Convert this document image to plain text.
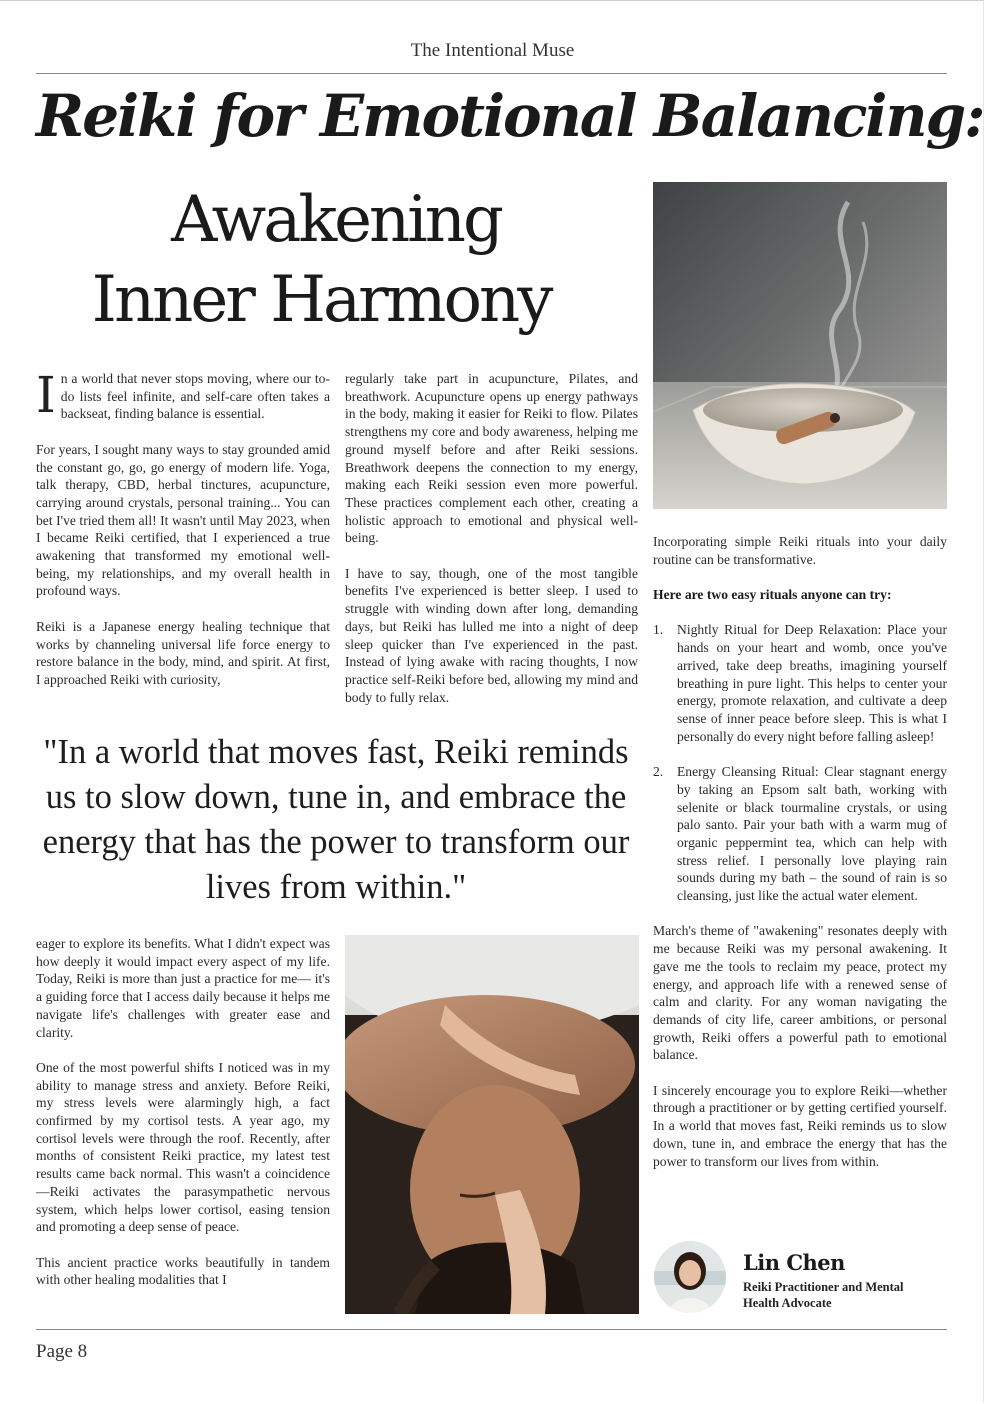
The Intentional Muse
Reiki for Emotional Balancing:
Awakening
Inner Harmony

In a world that never stops moving, where our to-do lists feel infinite, and self-care often takes a backseat, finding balance is essential.

For years, I sought many ways to stay grounded amid the constant go, go, go energy of modern life. Yoga, talk therapy, CBD, herbal tinctures, acupuncture, carrying around crystals, personal training... You can bet I've tried them all! It wasn't until May 2023, when I became Reiki certified, that I experienced a true awakening that transformed my emotional well-being, my relationships, and my overall health in profound ways.

Reiki is a Japanese energy healing technique that works by channeling universal life force energy to restore balance in the body, mind, and spirit. At first, I approached Reiki with curiosity,

regularly take part in acupuncture, Pilates, and breathwork. Acupuncture opens up energy pathways in the body, making it easier for Reiki to flow. Pilates strengthens my core and body awareness, helping me ground myself before and after Reiki sessions. Breathwork deepens the connection to my energy, making each Reiki session even more powerful. These practices complement each other, creating a holistic approach to emotional and physical well-being.

I have to say, though, one of the most tangible benefits I've experienced is better sleep. I used to struggle with winding down after long, demanding days, but Reiki has lulled me into a night of deep sleep quicker than I've experienced in the past. Instead of lying awake with racing thoughts, I now practice self-Reiki before bed, allowing my mind and body to fully relax.

"In a world that moves fast, Reiki reminds us to slow down, tune in, and embrace the energy that has the power to transform our lives from within."

eager to explore its benefits. What I didn't expect was how deeply it would impact every aspect of my life. Today, Reiki is more than just a practice for me— it's a guiding force that I access daily because it helps me navigate life's challenges with greater ease and clarity.

One of the most powerful shifts I noticed was in my ability to manage stress and anxiety. Before Reiki, my stress levels were alarmingly high, a fact confirmed by my cortisol tests. A year ago, my cortisol levels were through the roof. Recently, after months of consistent Reiki practice, my latest test results came back normal. This wasn't a coincidence—Reiki activates the parasympathetic nervous system, which helps lower cortisol, easing tension and promoting a deep sense of peace.

This ancient practice works beautifully in tandem with other healing modalities that I

Incorporating simple Reiki rituals into your daily routine can be transformative.

Here are two easy rituals anyone can try:

1. Nightly Ritual for Deep Relaxation: Place your hands on your heart and womb, once you've arrived, take deep breaths, imagining yourself breathing in pure light. This helps to center your energy, promote relaxation, and cultivate a deep sense of inner peace before sleep. This is what I personally do every night before falling asleep!
2. Energy Cleansing Ritual: Clear stagnant energy by taking an Epsom salt bath, working with selenite or black tourmaline crystals, or using palo santo. Pair your bath with a warm mug of organic peppermint tea, which can help with stress relief. I personally love playing rain sounds during my bath – the sound of rain is so cleansing, just like the actual water element.

March's theme of "awakening" resonates deeply with me because Reiki was my personal awakening. It gave me the tools to reclaim my peace, protect my energy, and approach life with a renewed sense of calm and clarity. For any woman navigating the demands of city life, career ambitions, or personal growth, Reiki offers a powerful path to emotional balance.

I sincerely encourage you to explore Reiki—whether through a practitioner or by getting certified yourself. In a world that moves fast, Reiki reminds us to slow down, tune in, and embrace the energy that has the power to transform our lives from within.

Lin Chen
Reiki Practitioner and Mental Health Advocate
Page 8
